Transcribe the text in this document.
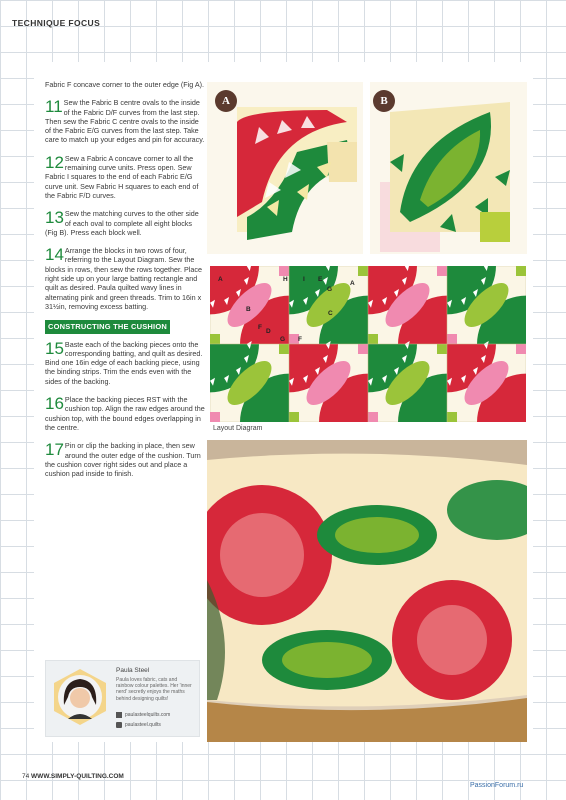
TECHNIQUE FOCUS

Fabric F concave corner to the outer edge (Fig A).

11 Sew the Fabric B centre ovals to the inside of the Fabric D/F curves from the last step. Then sew the Fabric C centre ovals to the inside of the Fabric E/G curves from the last step. Take care to match up your edges and pin for accuracy.

12 Sew a Fabric A concave corner to all the remaining curve units. Press open. Sew Fabric I squares to the end of each Fabric E/G curve unit. Sew Fabric H squares to each end of the Fabric F/D curves.

13 Sew the matching curves to the other side of each oval to complete all eight blocks (Fig B). Press each block well.

14 Arrange the blocks in two rows of four, referring to the Layout Diagram. Sew the blocks in rows, then sew the rows together. Place right side up on your large batting rectangle and quilt as desired. Paula quilted wavy lines in alternating pink and green threads. Trim to 16in x 31½in, removing excess batting.

CONSTRUCTING THE CUSHION

15 Baste each of the backing pieces onto the corresponding batting, and quilt as desired. Bind one 16in edge of each backing piece, using the binding strips. Trim the ends even with the sides of the backing.

16 Place the backing pieces RST with the cushion top. Align the raw edges around the cushion top, with the bound edges overlapping in the centre.

17 Pin or clip the backing in place, then sew around the outer edge of the cushion. Turn the cushion cover right sides out and place a cushion pad inside to finish.

A	B
A	H I E
G
A
B
C
F
D
G F
Layout Diagram
Paula Steel
Paula loves fabric, cats and rainbow colour palettes. Her 'inner nerd' secretly enjoys the maths behind designing quilts!
paulasteelquilts.com
paulasteel.quilts
74 WWW.SIMPLY-QUILTING.COM
PassionForum.ru
